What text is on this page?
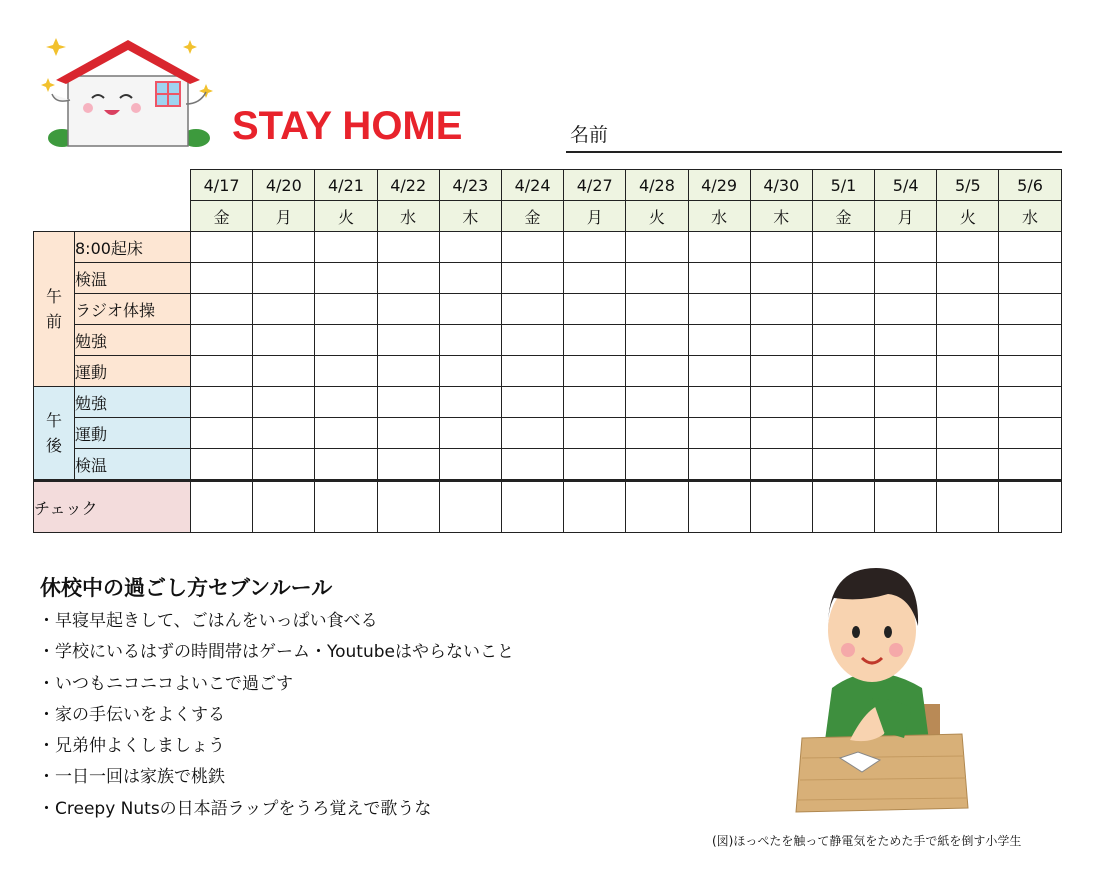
STAY HOME	名前
		4/17	4/20	4/21	4/22	4/23	4/24	4/27	4/28	4/29	4/30	5/1	5/4	5/5	5/6
		金	月	火	水	木	金	月	火	水	木	金	月	火	水
午前	8:00起床														
	検温														
	ラジオ体操														
	勉強														
	運動														
午後	勉強														
	運動														
	検温														
チェック															
休校中の過ごし方セブンルール
・早寝早起きして、ごはんをいっぱい食べる
・学校にいるはずの時間帯はゲーム・Youtubeはやらないこと
・いつもニコニコよいこで過ごす
・家の手伝いをよくする
・兄弟仲よくしましょう
・一日一回は家族で桃鉄
・Creepy Nutsの日本語ラップをうろ覚えで歌うな
(図)ほっぺたを触って静電気をためた手で紙を倒す小学生
